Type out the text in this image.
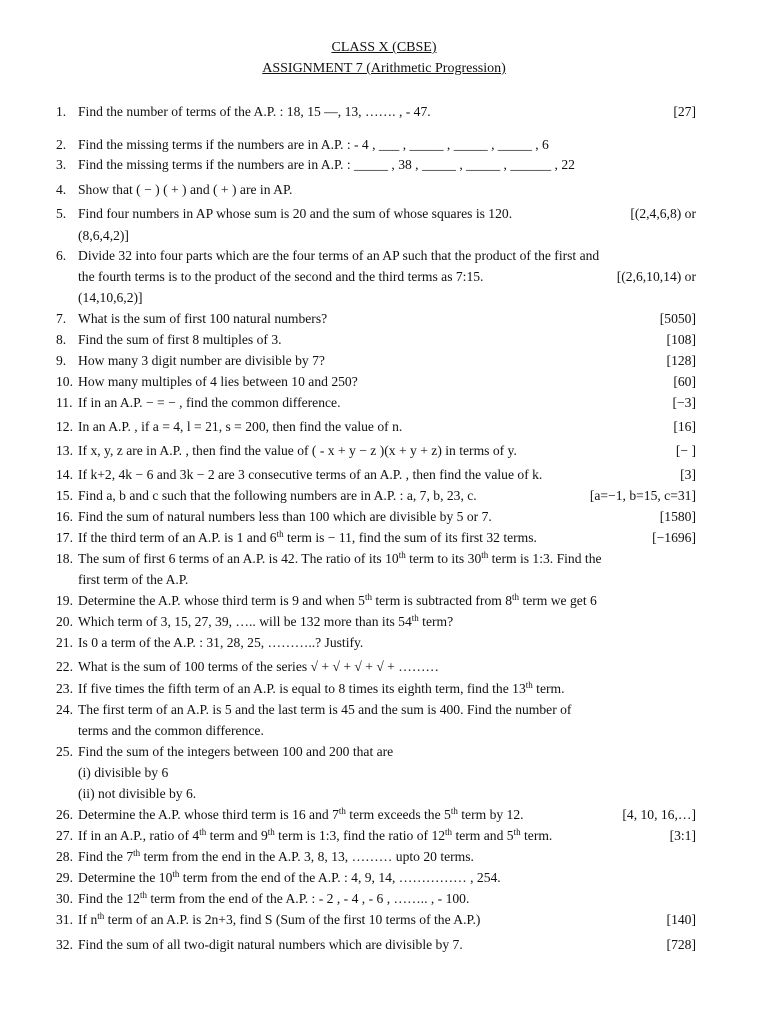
CLASS X (CBSE)
ASSIGNMENT 7 (Arithmetic Progression)
1. Find the number of terms of the A.P. : 18, 15 —, 13, ……. , - 47.	[27]
2. Find the missing terms if the numbers are in A.P. : - 4 , ___ , _____ , _____ , _____ , 6
3. Find the missing terms if the numbers are in A.P. : _____ , 38 , _____ , _____ , ______ , 22
4. Show that ( − ) ( + ) and ( + ) are in AP.
5. Find four numbers in AP whose sum is 20 and the sum of whose squares is 120.	[(2,4,6,8) or
(8,6,4,2)]
6. Divide 32 into four parts which are the four terms of an AP such that the product of the first and
the fourth terms is to the product of the second and the third terms as 7:15.	[(2,6,10,14) or
(14,10,6,2)]
7. What is the sum of first 100 natural numbers?	[5050]
8. Find the sum of first 8 multiples of 3.	[108]
9. How many 3 digit number are divisible by 7?	[128]
10. How many multiples of 4 lies between 10 and 250?	[60]
11. If in an A.P. − = − , find the common difference.	[−3]
12. In an A.P. , if a = 4, l = 21, s = 200, then find the value of n.	[16]
13. If x, y, z are in A.P. , then find the value of ( - x + y − z )(x + y + z) in terms of y.	[− ]
14. If k+2, 4k − 6 and 3k − 2 are 3 consecutive terms of an A.P. , then find the value of k.	[3]
15. Find a, b and c such that the following numbers are in A.P. : a, 7, b, 23, c.	[a=−1, b=15, c=31]
16. Find the sum of natural numbers less than 100 which are divisible by 5 or 7.	[1580]
17. If the third term of an A.P. is 1 and 6th term is − 11, find the sum of its first 32 terms.	[−1696]
18. The sum of first 6 terms of an A.P. is 42. The ratio of its 10th term to its 30th term is 1:3. Find the
first term of the A.P.
19. Determine the A.P. whose third term is 9 and when 5th term is subtracted from 8th term we get 6
20. Which term of 3, 15, 27, 39, ….. will be 132 more than its 54th term?
21. Is 0 a term of the A.P. : 31, 28, 25, ………..? Justify.
22. What is the sum of 100 terms of the series √ + √ + √ + √ + ………
23. If five times the fifth term of an A.P. is equal to 8 times its eighth term, find the 13th term.
24. The first term of an A.P. is 5 and the last term is 45 and the sum is 400. Find the number of
terms and the common difference.
25. Find the sum of the integers between 100 and 200 that are
(i) divisible by 6
(ii) not divisible by 6.
26. Determine the A.P. whose third term is 16 and 7th term exceeds the 5th term by 12.	[4, 10, 16,…]
27. If in an A.P., ratio of 4th term and 9th term is 1:3, find the ratio of 12th term and 5th term.	[3:1]
28. Find the 7th term from the end in the A.P. 3, 8, 13, ……… upto 20 terms.
29. Determine the 10th term from the end of the A.P. : 4, 9, 14, …………… , 254.
30. Find the 12th term from the end of the A.P. : - 2 , - 4 , - 6 , …….. , - 100.
31. If $n^{th}$ term of an A.P. is 2n+3, find S (Sum of the first 10 terms of the A.P.)	[140]
32. Find the sum of all two-digit natural numbers which are divisible by 7.	[728]
